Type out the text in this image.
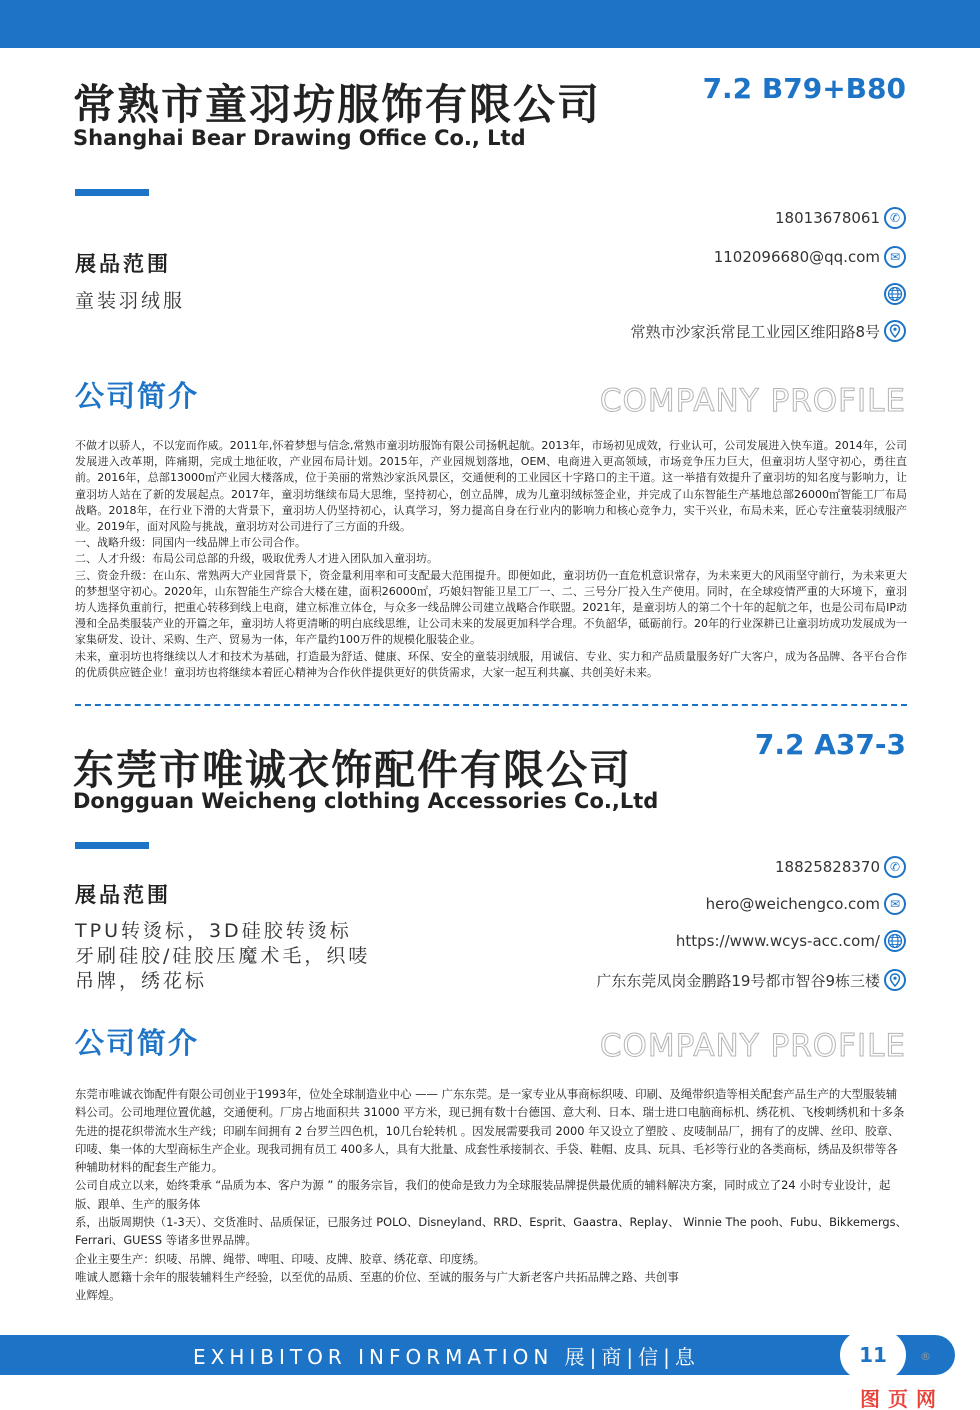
常熟市童羽坊服饰有限公司
Shanghai Bear Drawing Office Co., Ltd
7.2 B79+B80
展品范围
童装羽绒服
18013678061 ✆
1102096680@qq.com ✉
常熟市沙家浜常昆工业园区维阳路8号
公司简介	COMPANY PROFILE

不做才以骄人，不以宠而作威。2011年,怀着梦想与信念,常熟市童羽坊服饰有限公司扬帆起航。2013年，市场初见成效，行业认可，公司发展进入快车道。2014年，公司发展进入改革期，阵痛期，完成土地征收，产业园布局计划。2015年，产业园规划落地，OEM、电商进入更高领域，市场竞争压力巨大，但童羽坊人坚守初心，勇往直前。2016年，总部13000㎡产业园大楼落成，位于美丽的常熟沙家浜风景区，交通便利的工业园区十字路口的主干道。这一举措有效提升了童羽坊的知名度与影响力，让童羽坊人站在了新的发展起点。2017年，童羽坊继续布局大思维，坚持初心，创立品牌，成为儿童羽绒标签企业，并完成了山东智能生产基地总部26000㎡智能工厂布局战略。2018年，在行业下滑的大背景下，童羽坊人仍坚持初心，认真学习，努力提高自身在行业内的影响力和核心竞争力，实干兴业，布局未来，匠心专注童装羽绒服产业。2019年，面对风险与挑战，童羽坊对公司进行了三方面的升级。

一、战略升级：同国内一线品牌上市公司合作。

二、人才升级：布局公司总部的升级，吸取优秀人才进入团队加入童羽坊。

三、资金升级：在山东、常熟两大产业园背景下，资金量利用率和可支配最大范围提升。即便如此，童羽坊仍一直危机意识常存，为未来更大的风雨坚守前行，为未来更大的梦想坚守初心。2020年，山东智能生产综合大楼在建，面积26000㎡，巧娘妇智能卫星工厂一、二、三号分厂投入生产使用。同时，在全球疫情严重的大环境下，童羽坊人选择负重前行，把重心转移到线上电商，建立标准立体仓，与众多一线品牌公司建立战略合作联盟。2021年，是童羽坊人的第二个十年的起航之年，也是公司布局IP动漫和全品类服装产业的开篇之年，童羽坊人将更清晰的明白底线思维，让公司未来的发展更加科学合理。不负韶华，砥砺前行。20年的行业深耕已让童羽坊成功发展成为一家集研发、设计、采购、生产、贸易为一体，年产量约100万件的规模化服装企业。

未来，童羽坊也将继续以人才和技术为基础，打造最为舒适、健康、环保、安全的童装羽绒服，用诚信、专业、实力和产品质量服务好广大客户，成为各品牌、各平台合作的优质供应链企业！童羽坊也将继续本着匠心精神为合作伙伴提供更好的供货需求，大家一起互利共赢、共创美好未来。

东莞市唯诚衣饰配件有限公司
Dongguan Weicheng clothing Accessories Co.,Ltd
7.2 A37-3
展品范围
TPU转烫标，3D硅胶转烫标
牙刷硅胶/硅胶压魔术毛，织唛
吊牌，绣花标
18825828370 ✆
hero@weichengco.com ✉
https://www.wcys-acc.com/
广东东莞凤岗金鹏路19号都市智谷9栋三楼
公司简介	COMPANY PROFILE

东莞市唯诚衣饰配件有限公司创业于1993年，位处全球制造业中心 —— 广东东莞。是一家专业从事商标织唛、印刷、及绳带织造等相关配套产品生产的大型服装辅料公司。公司地理位置优越，交通便利。厂房占地面积共 31000 平方米，现已拥有数十台德国、意大利、日本、瑞士进口电脑商标机、绣花机、飞梭刺绣机和十多条先进的提花织带流水生产线；印刷车间拥有 2 台罗兰四色机，10几台轮转机 。因发展需要我司 2000 年又设立了塑胶 、皮唛制品厂，拥有了的皮牌、丝印、胶章、印唛、集一体的大型商标生产企业。现我司拥有员工 400多人，具有大批量、成套性承接制衣、手袋、鞋帽、皮具、玩具、毛衫等行业的各类商标，绣品及织带等各种辅助材料的配套生产能力。

公司自成立以来，始终秉承 “品质为本、客户为源 ” 的服务宗旨，我们的使命是致力为全球服装品牌提供最优质的辅料解决方案，同时成立了24 小时专业设计，起版、跟单、生产的服务体

系，出版周期快（1-3天）、交货准时、品质保证，已服务过 POLO、Disneyland、RRD、Esprit、Gaastra、Replay、 Winnie The pooh、Fubu、Bikkemergs、Ferrari、GUESS 等诸多世界品牌。

企业主要生产：织唛、吊牌、绳带、啤咀、印唛、皮牌、胶章、绣花章、印度绣。

唯诚人愿籍十余年的服装辅料生产经验，以至优的品质、至惠的价位、至诚的服务与广大新老客户共拓品牌之路、共创事

业辉煌。

EXHIBITOR INFORMATION 展|商|信|息	11	®
图页网
